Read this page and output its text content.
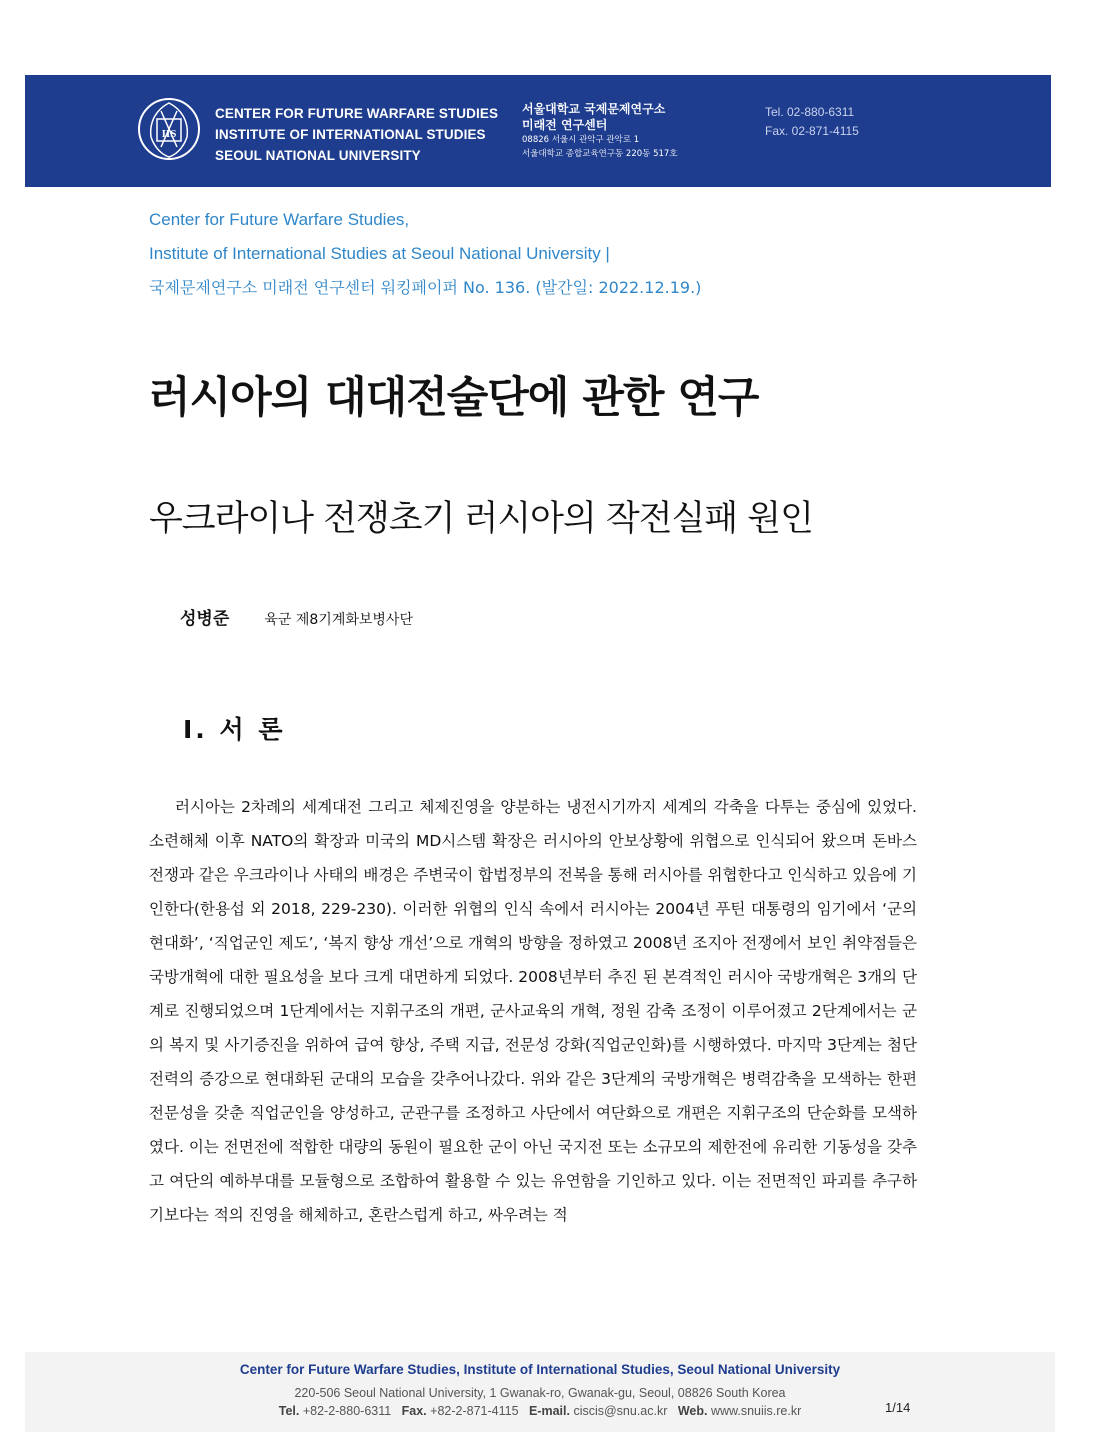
IIS
CENTER FOR FUTURE WARFARE STUDIES
INSTITUTE OF INTERNATIONAL STUDIES
SEOUL NATIONAL UNIVERSITY
서울대학교 국제문제연구소
미래전 연구센터
08826 서울시 관악구 관악로 1
서울대학교 종합교육연구동 220동 517호
Tel. 02-880-6311
Fax. 02-871-4115
Center for Future Warfare Studies,
Institute of International Studies at Seoul National University |
국제문제연구소 미래전 연구센터 워킹페이퍼 No. 136. (발간일: 2022.12.19.)
러시아의 대대전술단에 관한 연구
우크라이나 전쟁초기 러시아의 작전실패 원인
성병준	육군 제8기계화보병사단
Ⅰ. 서 론

러시아는 2차례의 세계대전 그리고 체제진영을 양분하는 냉전시기까지 세계의 각축을 다투는 중심에 있었다. 소련해체 이후 NATO의 확장과 미국의 MD시스템 확장은 러시아의 안보상황에 위협으로 인식되어 왔으며 돈바스 전쟁과 같은 우크라이나 사태의 배경은 주변국이 합법정부의 전복을 통해 러시아를 위협한다고 인식하고 있음에 기인한다(한용섭 외 2018, 229-230). 이러한 위협의 인식 속에서 러시아는 2004년 푸틴 대통령의 임기에서 ‘군의 현대화’, ‘직업군인 제도’, ‘복지 향상 개선’으로 개혁의 방향을 정하였고 2008년 조지아 전쟁에서 보인 취약점들은 국방개혁에 대한 필요성을 보다 크게 대면하게 되었다. 2008년부터 추진 된 본격적인 러시아 국방개혁은 3개의 단계로 진행되었으며 1단계에서는 지휘구조의 개편, 군사교육의 개혁, 정원 감축 조정이 이루어졌고 2단계에서는 군의 복지 및 사기증진을 위하여 급여 향상, 주택 지급, 전문성 강화(직업군인화)를 시행하였다. 마지막 3단계는 첨단전력의 증강으로 현대화된 군대의 모습을 갖추어나갔다. 위와 같은 3단계의 국방개혁은 병력감축을 모색하는 한편 전문성을 갖춘 직업군인을 양성하고, 군관구를 조정하고 사단에서 여단화으로 개편은 지휘구조의 단순화를 모색하였다. 이는 전면전에 적합한 대량의 동원이 필요한 군이 아닌 국지전 또는 소규모의 제한전에 유리한 기동성을 갖추고 여단의 예하부대를 모듈형으로 조합하여 활용할 수 있는 유연함을 기인하고 있다. 이는 전면적인 파괴를 추구하기보다는 적의 진영을 해체하고, 혼란스럽게 하고, 싸우려는 적

Center for Future Warfare Studies, Institute of International Studies, Seoul National University
220-506 Seoul National University, 1 Gwanak-ro, Gwanak-gu, Seoul, 08826 South Korea
Tel. +82-2-880-6311 Fax. +82-2-871-4115 E-mail. ciscis@snu.ac.kr Web. www.snuiis.re.kr	1/14
